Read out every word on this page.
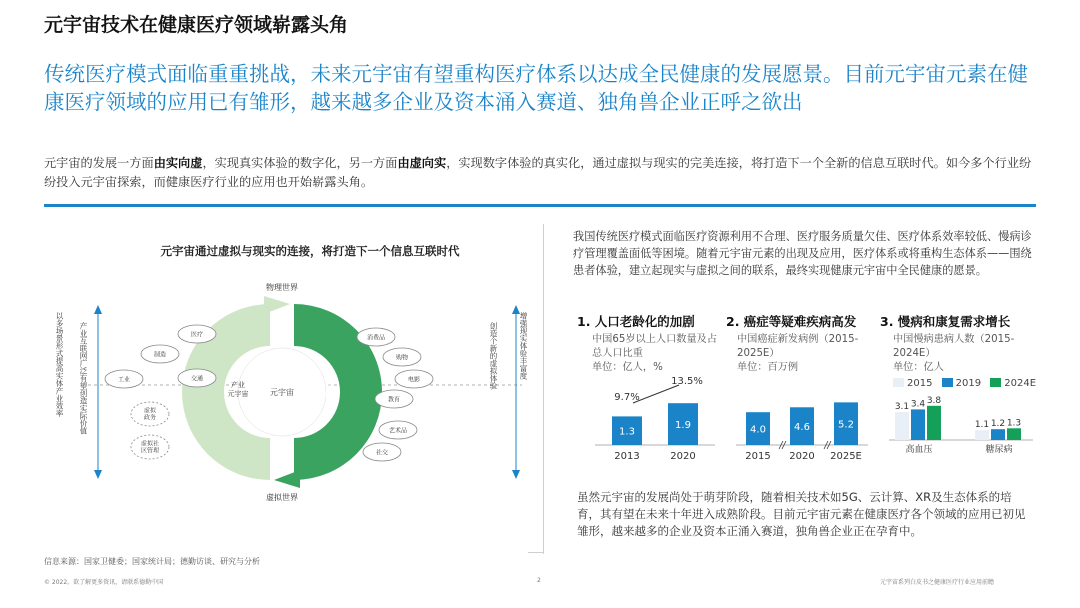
元宇宙技术在健康医疗领域崭露头角
传统医疗模式面临重重挑战，未来元宇宙有望重构医疗体系以达成全民健康的发展愿景。目前元宇宙元素在健康医疗领域的应用已有雏形，越来越多企业及资本涌入赛道、独角兽企业正呼之欲出
元宇宙的发展一方面由实向虚，实现真实体验的数字化，另一方面由虚向实，实现数字体验的真实化，通过虚拟与现实的完美连接，将打造下一个全新的信息互联时代。如今多个行业纷纷投入元宇宙探索，而健康医疗行业的应用也开始崭露头角。
元宇宙通过虚拟与现实的连接，将打造下一个信息互联时代
元宇宙
产业元宇宙
个人元宇宙
物理世界
虚拟世界
医疗
制造
交通
工业
虚拟政务
虚拟社区管理
消费品
购物
电影
教育
艺术品
社交
以多场景形式提高实体产业效率 产业互联网广泛有望创造实际价值	创造个新的虚拟体验	增强现实体验丰富度
我国传统医疗模式面临医疗资源利用不合理、医疗服务质量欠佳、医疗体系效率较低、慢病诊疗管理覆盖面低等困境。随着元宇宙元素的出现及应用，医疗体系或将重构生态体系——围绕患者体验，建立起现实与虚拟之间的联系，最终实现健康元宇宙中全民健康的愿景。
1. 人口老龄化的加剧
中国65岁以上人口数量及占总人口比重
单位：亿人，%
1.3
2013
1.9
2020
9.7%
13.5%
2. 癌症等疑难疾病高发
中国癌症新发病例（2015-2025E）
单位：百万例
4.0
2015
4.6
2020
5.2
2025E
3. 慢病和康复需求增长
中国慢病患病人数（2015-2024E）
单位：亿人
2015 2019 2024E
3.1 3.4 3.8
高血压
1.1 1.2 1.3
糖尿病
虽然元宇宙的发展尚处于萌芽阶段，随着相关技术如5G、云计算、XR及生态体系的培育，其有望在未来十年进入成熟阶段。目前元宇宙元素在健康医疗各个领域的应用已初见雏形，越来越多的企业及资本正涌入赛道，独角兽企业正在孕育中。
信息来源：国家卫健委；国家统计局；德勤访谈、研究与分析
© 2022。欲了解更多资讯，请联系德勤中国	2	元宇宙系列白皮书之健康医疗行业应用前瞻
